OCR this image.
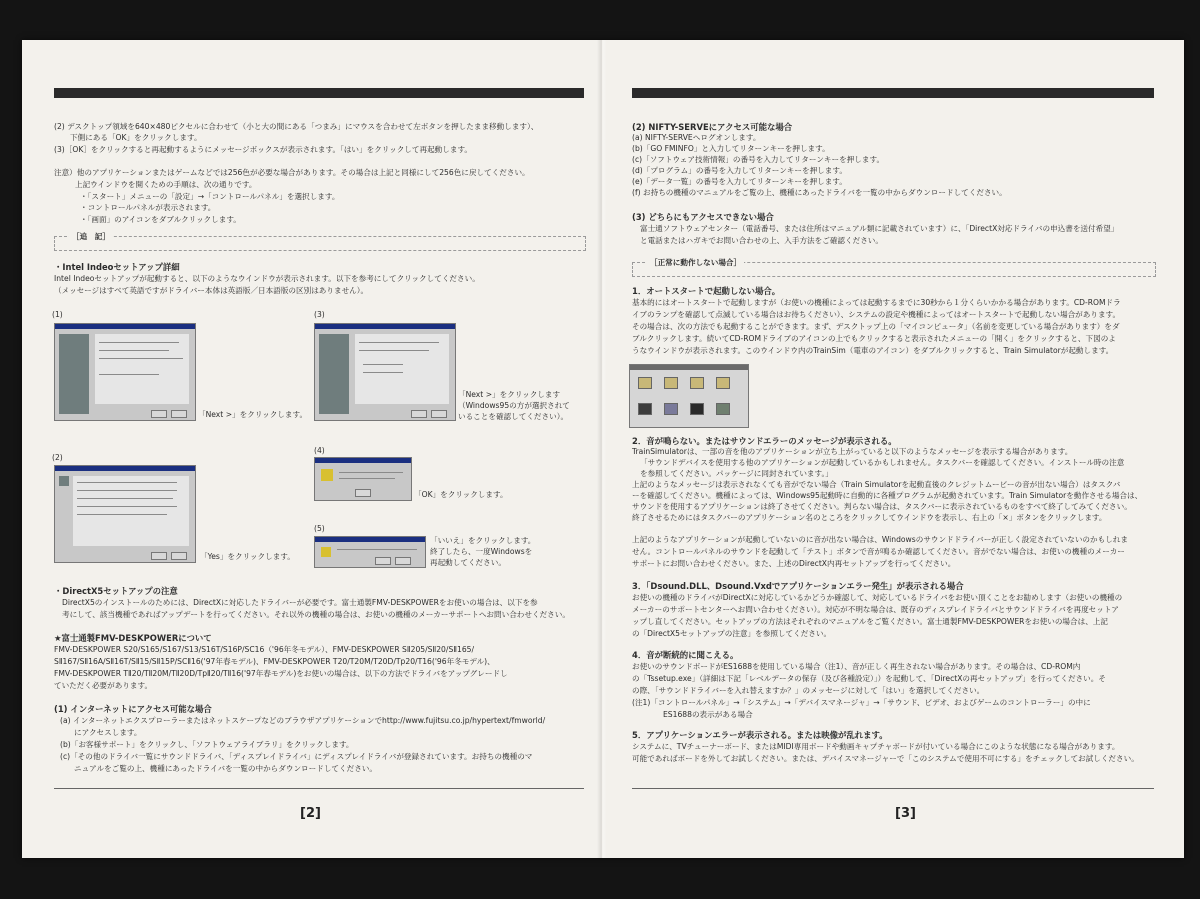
(2) デスクトップ領域を640×480ピクセルに合わせて（小と大の間にある「つまみ」にマウスを合わせて左ボタンを押したまま移動します）、
下側にある「OK」をクリックします。
(3)［OK］をクリックすると再起動するようにメッセージボックスが表示されます。「はい」をクリックして再起動します。
注意）他のアプリケーションまたはゲームなどでは256色が必要な場合があります。その場合は上記と同様にして256色に戻してください。
上記ウインドウを開くための手順は、次の通りです。
・「スタート」メニューの「設定」→「コントロールパネル」を選択します。
・コントロールパネルが表示されます。
・「画面」のアイコンをダブルクリックします。
［追　記］
・Intel Indeoセットアップ詳細
Intel Indeoセットアップが起動すると、以下のようなウインドウが表示されます。以下を参考にしてクリックしてください。
（メッセージはすべて英語ですがドライバー本体は英語版／日本語版の区別はありません）。
(1)
「Next >」をクリックします。
(2)
「Yes」をクリックします。
(3)
「Next >」をクリックします
（Windows95の方が選択されて
いることを確認してください）。
(4)
「OK」をクリックします。
(5)
「いいえ」をクリックします。
終了したら、一度Windowsを
再起動してください。
・DirectX5セットアップの注意
DirectX5のインストールのためには、DirectXに対応したドライバーが必要です。富士通製FMV-DESKPOWERをお使いの場合は、以下を参
考にして、該当機種であればアップデートを行ってください。それ以外の機種の場合は、お使いの機種のメーカーサポートへお問い合わせください。
★富士通製FMV-DESKPOWERについて
FMV-DESKPOWER S20/S165/S167/S13/S16T/S16P/SC16（'96年冬モデル）、FMV-DESKPOWER SⅡ205/SⅡ20/SⅡ165/
SⅡ167/SⅡ16A/SⅡ16T/SⅡ15/SⅡ15P/SCⅡ16('97年春モデル)、FMV-DESKPOWER T20/T20M/T20D/Tp20/T16('96年冬モデル)、
FMV-DESKPOWER TⅡ20/TⅡ20M/TⅡ20D/TpⅡ20/TⅡ16('97年春モデル)をお使いの場合は、以下の方法でドライバをアップグレードし
ていただく必要があります。
(1) インターネットにアクセス可能な場合
(a) インターネットエクスプローラーまたはネットスケープなどのブラウザアプリケーションでhttp://www.fujitsu.co.jp/hypertext/fmworld/
にアクセスします。
(b)「お客様サポート」をクリックし、「ソフトウェアライブラリ」をクリックします。
(c)「その他のドライバ一覧にサウンドドライバ、「ディスプレイドライバ」にディスプレイドライバが登録されています。お持ちの機種のマ
ニュアルをご覧の上、機種にあったドライバを一覧の中からダウンロードしてください。
[2]
(2) NIFTY-SERVEにアクセス可能な場合
(a) NIFTY-SERVEへログオンします。
(b)「GO FMINFO」と入力してリターンキーを押します。
(c)「ソフトウェア技術情報」の番号を入力してリターンキーを押します。
(d)「プログラム」の番号を入力してリターンキーを押します。
(e)「データ一覧」の番号を入力してリターンキーを押します。
(f) お持ちの機種のマニュアルをご覧の上、機種にあったドライバを一覧の中からダウンロードしてください。
(3) どちらにもアクセスできない場合
富士通ソフトウェアセンター（電話番号、または住所はマニュアル類に記載されています）に、「DirectX対応ドライバの申込書を送付希望」
と電話またはハガキでお問い合わせの上、入手方法をご確認ください。
［正常に動作しない場合］
1．オートスタートで起動しない場合。
基本的にはオートスタートで起動しますが（お使いの機種によっては起動するまでに30秒から１分くらいかかる場合があります。CD-ROMドラ
イブのランプを確認して点滅している場合はお待ちください）、システムの設定や機種によってはオートスタートで起動しない場合があります。
その場合は、次の方法でも起動することができます。まず、デスクトップ上の「マイコンピュータ」（名前を変更している場合があります）をダ
ブルクリックします。続いてCD-ROMドライブのアイコンの上でもクリックすると表示されたメニューの「開く」をクリックすると、下図のよ
うなウインドウが表示されます。このウインドウ内のTrainSim（電車のアイコン）をダブルクリックすると、Train Simulatorが起動します。
2．音が鳴らない。またはサウンドエラーのメッセージが表示される。
TrainSimulatorは、一部の音を他のアプリケーションが立ち上がっていると以下のようなメッセージを表示する場合があります。
「サウンドデバイスを使用する他のアプリケーションが起動しているかもしれません。タスクバーを確認してください。インストール時の注意
を参照してください。パッケージに同封されています。」
上記のようなメッセージは表示されなくても音がでない場合（Train Simulatorを起動直後のクレジットムービーの音が出ない場合）はタスクバ
ーを確認してください。機種によっては、Windows95起動時に自動的に各種プログラムが起動されています。Train Simulatorを動作させる場合は、
サウンドを使用するアプリケーションは終了させてください。判らない場合は、タスクバーに表示されているものをすべて終了してみてください。
終了させるためにはタスクバーのアプリケーション名のところをクリックしてウインドウを表示し、右上の「×」ボタンをクリックします。
上記のようなアプリケーションが起動していないのに音が出ない場合は、Windowsのサウンドドライバーが正しく設定されていないのかもしれま
せん。コントロールパネルのサウンドを起動して「テスト」ボタンで音が鳴るか確認してください。音がでない場合は、お使いの機種のメーカー
サポートにお問い合わせください。また、上述のDirectX内再セットアップを行ってください。
3．「Dsound.DLL、Dsound.Vxdでアプリケーションエラー発生」が表示される場合
お使いの機種のドライバがDirectXに対応しているかどうか確認して、対応しているドライバをお使い頂くことをお勧めします（お使いの機種の
メーカーのサポートセンターへお問い合わせください）。対応が不明な場合は、既存のディスプレイドライバとサウンドドライバを再度セットア
ップし直してください。セットアップの方法はそれぞれのマニュアルをご覧ください。富士通製FMV-DESKPOWERをお使いの場合は、上記
の「DirectX5セットアップの注意」を参照してください。
4．音が断続的に聞こえる。
お使いのサウンドボードがES1688を使用している場合（注1）、音が正しく再生されない場合があります。その場合は、CD-ROM内
の「Tssetup.exe」（詳細は下記「レベルデータの保存（及び各種設定）」）を起動して、「DirectXの再セットアップ」を行ってください。そ
の際、「サウンドドライバーを入れ替えますか？」のメッセージに対して「はい」を選択してください。
(注1)「コントロールパネル」→「システム」→「デバイスマネージャ」→「サウンド、ビデオ、およびゲームのコントローラー」の中に
ES1688の表示がある場合
5．アプリケーションエラーが表示される。または映像が乱れます。
システムに、TVチューナーボード、またはMIDI専用ボードや動画キャプチャボードが付いている場合にこのような状態になる場合があります。
可能であればボードを外してお試しください。または、デバイスマネージャーで「このシステムで使用不可にする」をチェックしてお試しください。
[3]
